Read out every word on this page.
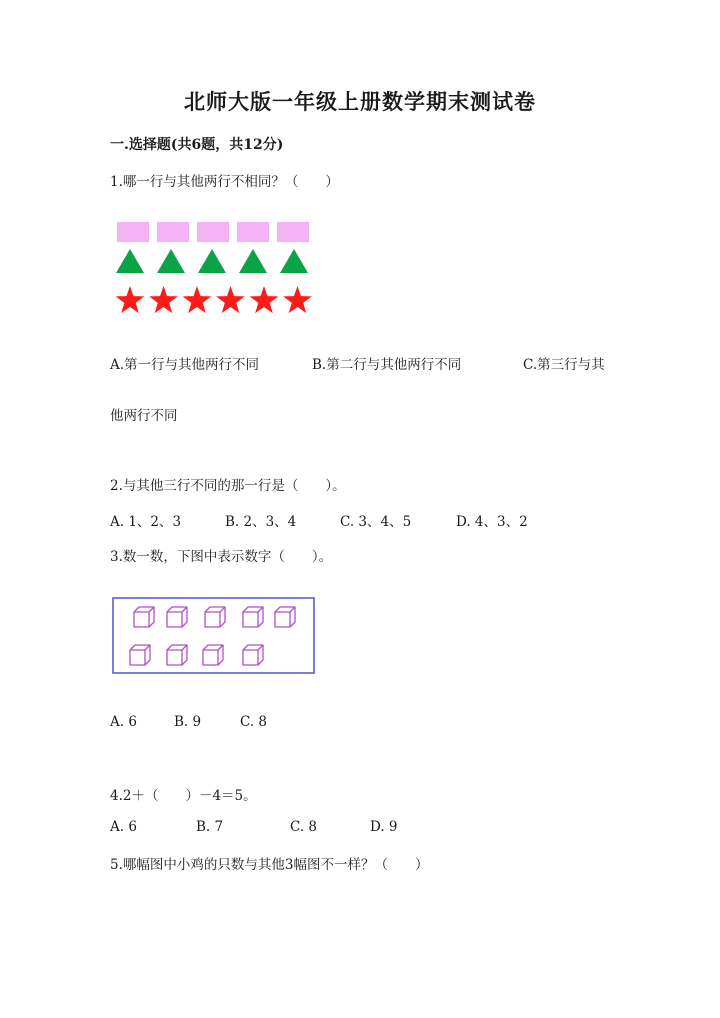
北师大版一年级上册数学期末测试卷
一.选择题(共6题，共12分)
1.哪一行与其他两行不相同？（　　）
A.第一行与其他两行不同	B.第二行与其他两行不同	C.第三行与其
他两行不同
2.与其他三行不同的那一行是（　　）。
A. 1、2、3	B. 2、3、4	C. 3、4、5	D. 4、3、2
3.数一数，下图中表示数字（　　）。
A. 6	B. 9	C. 8
4.2＋（　　）－4＝5。
A. 6	B. 7	C. 8	D. 9
5.哪幅图中小鸡的只数与其他3幅图不一样？（　　）
